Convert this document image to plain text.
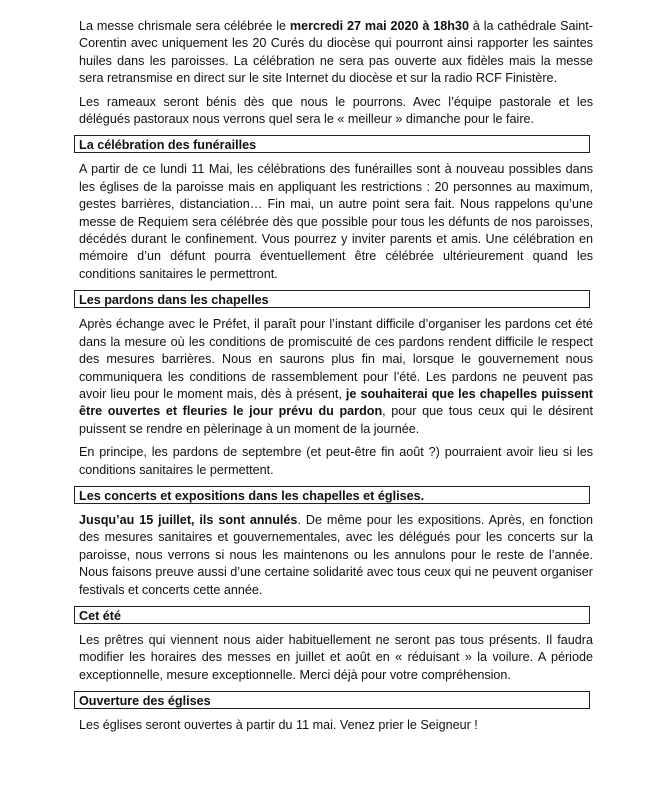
La messe chrismale sera célébrée le mercredi 27 mai 2020 à 18h30 à la cathédrale Saint-Corentin avec uniquement les 20 Curés du diocèse qui pourront ainsi rapporter les saintes huiles dans les paroisses. La célébration ne sera pas ouverte aux fidèles mais la messe sera retransmise en direct sur le site Internet du diocèse et sur la radio RCF Finistère.

Les rameaux seront bénis dès que nous le pourrons. Avec l’équipe pastorale et les délégués pastoraux nous verrons quel sera le « meilleur » dimanche pour le faire.

La célébration des funérailles

A partir de ce lundi 11 Mai, les célébrations des funérailles sont à nouveau possibles dans les églises de la paroisse mais en appliquant les restrictions : 20 personnes au maximum, gestes barrières, distanciation… Fin mai, un autre point sera fait. Nous rappelons qu’une messe de Requiem sera célébrée dès que possible pour tous les défunts de nos paroisses, décédés durant le confinement. Vous pourrez y inviter parents et amis. Une célébration en mémoire d’un défunt pourra éventuellement être célébrée ultérieurement quand les conditions sanitaires le permettront.

Les pardons dans les chapelles

Après échange avec le Préfet, il paraît pour l’instant difficile d’organiser les pardons cet été dans la mesure où les conditions de promiscuité de ces pardons rendent difficile le respect des mesures barrières. Nous en saurons plus fin mai, lorsque le gouvernement nous communiquera les conditions de rassemblement pour l’été. Les pardons ne peuvent pas avoir lieu pour le moment mais, dès à présent, je souhaiterai que les chapelles puissent être ouvertes et fleuries le jour prévu du pardon, pour que tous ceux qui le désirent puissent se rendre en pèlerinage à un moment de la journée.

En principe, les pardons de septembre (et peut-être fin août ?) pourraient avoir lieu si les conditions sanitaires le permettent.

Les concerts et expositions dans les chapelles et églises.

Jusqu’au 15 juillet, ils sont annulés. De même pour les expositions. Après, en fonction des mesures sanitaires et gouvernementales, avec les délégués pour les concerts sur la paroisse, nous verrons si nous les maintenons ou les annulons pour le reste de l’année. Nous faisons preuve aussi d’une certaine solidarité avec tous ceux qui ne peuvent organiser festivals et concerts cette année.

Cet été

Les prêtres qui viennent nous aider habituellement ne seront pas tous présents. Il faudra modifier les horaires des messes en juillet et août en « réduisant » la voilure. A période exceptionnelle, mesure exceptionnelle. Merci déjà pour votre compréhension.

Ouverture des églises

Les églises seront ouvertes à partir du 11 mai. Venez prier le Seigneur !
